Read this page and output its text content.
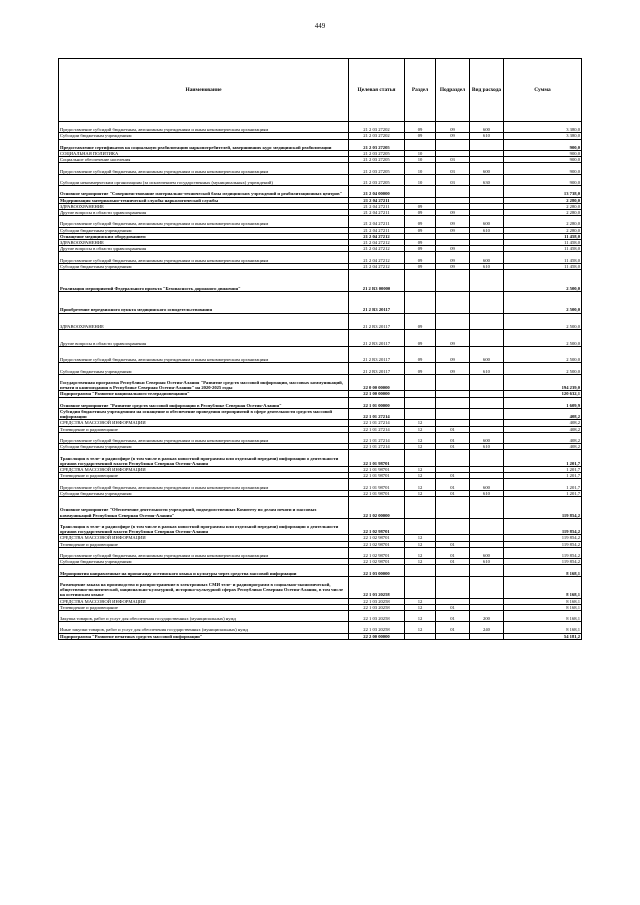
449
Наименование	Целевая статья	Раздел	Подраздел	Вид расхода	Сумма
Предоставление субсидий бюджетным, автономным учреждениям и иным некоммерческим организациям	21 2 03 27202	09	09	600	3 380,0
Субсидии бюджетным учреждениям	21 2 03 27202	09	09	610	3 380,0
Предоставление сертификатов на социальную реабилитацию наркопотребителей, завершивших курс медицинской реабилитации	21 2 03 27205				900,0
СОЦИАЛЬНАЯ ПОЛИТИКА	21 2 03 27205	10			900,0
Социальное обеспечение населения	21 2 03 27205	10	03		900,0
Предоставление субсидий бюджетным, автономным учреждениям и иным некоммерческим организациям	21 2 03 27205	10	03	600	900,0
Субсидии некоммерческим организациям (за исключением государственных (муниципальных) учреждений)	21 2 03 27205	10	03	630	900,0
Основное мероприятие "Совершенствование материально-технической базы медицинских учреждений и реабилитационных центров"	21 2 04 00000				13 738,0
Модернизация материально-технической службы наркологической службы	21 2 04 27211				2 280,0
ЗДРАВООХРАНЕНИЕ	21 2 04 27211	09			2 280,0
Другие вопросы в области здравоохранения	21 2 04 27211	09	09		2 280,0
Предоставление субсидий бюджетным, автономным учреждениям и иным некоммерческим организациям	21 2 04 27211	09	09	600	2 280,0
Субсидии бюджетным учреждениям	21 2 04 27211	09	09	610	2 280,0
Оснащение медицинским оборудованием	21 2 04 27212				11 458,0
ЗДРАВООХРАНЕНИЕ	21 2 04 27212	09			11 458,0
Другие вопросы в области здравоохранения	21 2 04 27212	09	09		11 458,0
Предоставление субсидий бюджетным, автономным учреждениям и иным некоммерческим организациям	21 2 04 27212	09	09	600	11 458,0
Субсидии бюджетным учреждениям	21 2 04 27212	09	09	610	11 458,0
Реализация мероприятий Федерального проекта "Безопасность дорожного движения"	21 2 R3 00000				2 500,0
Приобретение передвижного пункта медицинского освидетельствования	21 2 R3 20117				2 500,0
ЗДРАВООХРАНЕНИЕ	21 2 R3 20117	09			2 500,0
Другие вопросы в области здравоохранения	21 2 R3 20117	09	09		2 500,0
Предоставление субсидий бюджетным, автономным учреждениям и иным некоммерческим организациям	21 2 R3 20117	09	09	600	2 500,0
Субсидии бюджетным учреждениям	21 2 R3 20117	09	09	610	2 500,0
Государственная программа Республики Северная Осетия-Алания "Развитие средств массовой информации, массовых коммуникаций, печати и книгоиздания в Республике Северная Осетия-Алания" на 2020-2025 годы	22 0 00 00000				194 239,0
Подпрограмма "Развитие национального телерадиовещания"	22 1 00 00000				120 632,1
Основное мероприятие "Развитие средств массовой информации в Республике Северная Осетия-Алания"	22 1 01 00000				1 609,9
Субсидии бюджетным учреждениям на оснащение и обеспечение проведения мероприятий в сфере деятельности средств массовой информации	22 1 01 27214				408,2
СРЕДСТВА МАССОВОЙ ИНФОРМАЦИИ	22 1 01 27214	12			408,2
Телевидение и радиовещание	22 1 01 27214	12	01		408,2
Предоставление субсидий бюджетным, автономным учреждениям и иным некоммерческим организациям	22 1 01 27214	12	01	600	408,2
Субсидии бюджетным учреждениям	22 1 01 27214	12	01	610	408,2
Трансляция в теле- и радиоэфире (в том числе в рамках новостной программы или отдельной передачи) информации о деятельности органов государственной власти Республики Северная Осетия-Алания	22 1 01 98701				1 201,7
СРЕДСТВА МАССОВОЙ ИНФОРМАЦИИ	22 1 01 98701	12			1 201,7
Телевидение и радиовещание	22 1 01 98701	12	01		1 201,7
Предоставление субсидий бюджетным, автономным учреждениям и иным некоммерческим организациям	22 1 01 98701	12	01	600	1 201,7
Субсидии бюджетным учреждениям	22 1 01 98701	12	01	610	1 201,7
Основное мероприятие "Обеспечение деятельности учреждений, подведомственных Комитету по делам печати и массовых коммуникаций Республики Северная Осетия-Алания"	22 1 02 00000				119 854,2
Трансляция в теле- и радиоэфире (в том числе в рамках новостной программы или отдельной передачи) информации о деятельности органов государственной власти Республики Северная Осетия-Алания	22 1 02 98701				119 854,2
СРЕДСТВА МАССОВОЙ ИНФОРМАЦИИ	22 1 02 98701	12			119 854,2
Телевидение и радиовещание	22 1 02 98701	12	01		119 854,2
Предоставление субсидий бюджетным, автономным учреждениям и иным некоммерческим организациям	22 1 02 98701	12	01	600	119 854,2
Субсидии бюджетным учреждениям	22 1 02 98701	12	01	610	119 854,2
Мероприятия направленные на пропаганду осетинского языка и культуры через средства массовой информации	22 1 03 00000				8 168,1
Размещение заказа на производство и распространение в электронных СМИ теле- и радиопрограмм в социально-экономической, общественно-политической, национально-культурной, историко-культурной сферах Республики Северная Осетия-Алания, в том числе на осетинском языке	22 1 03 20258				8 168,1
СРЕДСТВА МАССОВОЙ ИНФОРМАЦИИ	22 1 03 20258	12			8 168,1
Телевидение и радиовещание	22 1 03 20258	12	01		8 168,1
Закупка товаров, работ и услуг для обеспечения государственных (муниципальных) нужд	22 1 03 20258	12	01	200	8 168,1
Иные закупки товаров, работ и услуг для обеспечения государственных (муниципальных) нужд	22 1 03 20258	12	01	240	8 168,1
Подпрограмма "Развитие печатных средств массовой информации"	22 2 00 00000				54 181,2
